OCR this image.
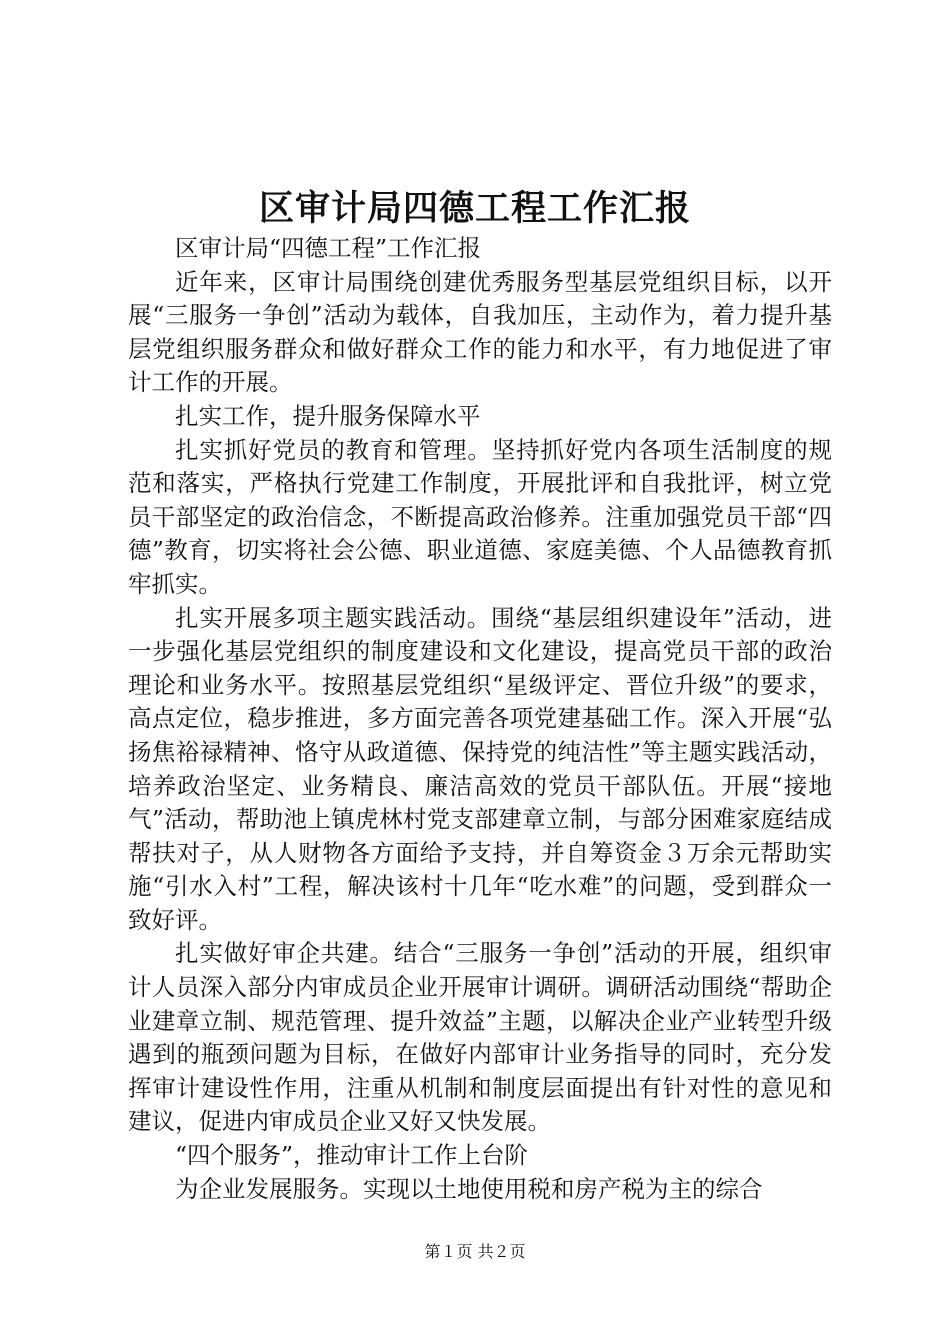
区审计局四德工程工作汇报

区审计局“四德工程”工作汇报

近年来，区审计局围绕创建优秀服务型基层党组织目标，以开展“三服务一争创”活动为载体，自我加压，主动作为，着力提升基层党组织服务群众和做好群众工作的能力和水平，有力地促进了审计工作的开展。

扎实工作，提升服务保障水平

扎实抓好党员的教育和管理。坚持抓好党内各项生活制度的规范和落实，严格执行党建工作制度，开展批评和自我批评，树立党员干部坚定的政治信念，不断提高政治修养。注重加强党员干部“四德”教育，切实将社会公德、职业道德、家庭美德、个人品德教育抓牢抓实。

扎实开展多项主题实践活动。围绕“基层组织建设年”活动，进一步强化基层党组织的制度建设和文化建设，提高党员干部的政治理论和业务水平。按照基层党组织“星级评定、晋位升级”的要求，高点定位，稳步推进，多方面完善各项党建基础工作。深入开展“弘扬焦裕禄精神、恪守从政道德、保持党的纯洁性”等主题实践活动，培养政治坚定、业务精良、廉洁高效的党员干部队伍。开展“接地气”活动，帮助池上镇虎林村党支部建章立制，与部分困难家庭结成帮扶对子，从人财物各方面给予支持，并自筹资金３万余元帮助实施“引水入村”工程，解决该村十几年“吃水难”的问题，受到群众一致好评。

扎实做好审企共建。结合“三服务一争创”活动的开展，组织审计人员深入部分内审成员企业开展审计调研。调研活动围绕“帮助企业建章立制、规范管理、提升效益”主题，以解决企业产业转型升级遇到的瓶颈问题为目标，在做好内部审计业务指导的同时，充分发挥审计建设性作用，注重从机制和制度层面提出有针对性的意见和建议，促进内审成员企业又好又快发展。

“四个服务”，推动审计工作上台阶

为企业发展服务。实现以土地使用税和房产税为主的综合

第１页 共２页
